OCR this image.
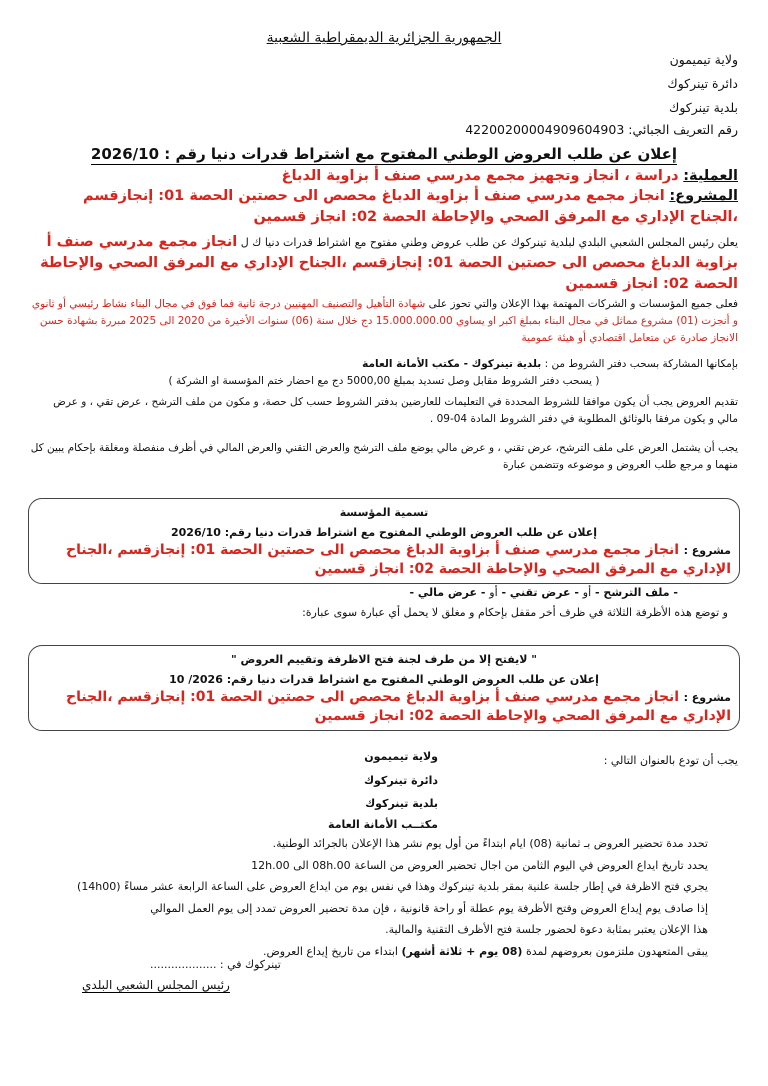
الجمهورية الجزائرية الديمقراطية الشعبية
ولاية تيميمون
دائرة تينركوك
بلدية تينركوك
رقم التعريف الجبائي: 422002000049096049​03
إعلان عن طلب العروض الوطني المفتوح مع اشتراط قدرات دنيا رقم : 2026/10
العملية: دراسة ، انجاز وتجهيز مجمع مدرسي صنف أ بزاوية الدباغ
المشروع: انجاز مجمع مدرسي صنف أ بزاوية الدباغ محصص الى حصتين الحصة 01: إنجازقسم ،الجناح الإداري مع المرفق الصحي والإحاطة الحصة 02: انجاز قسمين
يعلن رئيس المجلس الشعبي البلدي لبلدية تينركوك عن طلب عروض وطني مفتوح مع اشتراط قدرات دنيا ك ل انجاز مجمع مدرسي صنف أ بزاوية الدباغ محصص الى حصتين الحصة 01: إنجازقسم ،الجناح الإداري مع المرفق الصحي والإحاطة الحصة 02: انجاز قسمين
فعلى جميع المؤسسات و الشركات المهتمة بهذا الإعلان والتي تحوز على شهادة التأهيل والتصنيف المهنيين درجة ثانية فما فوق في مجال البناء نشاط رئيسي أو ثانوي و أنجزت (01) مشروع مماثل في مجال البناء بمبلغ اكبر او يساوي 15.000.000.00 دج خلال سنة (06) سنوات الأخيرة من 2020 الى 2025 مبررة بشهادة حسن الانجاز صادرة عن متعامل اقتصادي أو هيئة عمومية
بإمكانها المشاركة بسحب دفتر الشروط من : بلدية تينركوك - مكتب الأمانة العامة
( يسحب دفتر الشروط مقابل وصل تسديد بمبلغ 5000,00 دج مع احضار ختم المؤسسة او الشركة )
تقديم العروض يجب أن يكون موافقا للشروط المحددة في التعليمات للعارضين بدفتر الشروط حسب كل حصة، و مكون من ملف الترشح ، عرض تقي ، و عرض مالي و يكون مرفقا بالوثائق المطلوبة في دفتر الشروط المادة 04-09 .
يجب أن يشتمل العرض على ملف الترشح، عرض تقني ، و عرض مالي يوضع ملف الترشح والعرض التقني والعرض المالي في أظرف منفصلة ومغلقة بإحكام يبين كل منهما و مرجع طلب العروض و موضوعه وتتضمن عبارة
تسمية المؤسسة
إعلان عن طلب العروض الوطني المفتوح مع اشتراط قدرات دنيا رقم: 2026/10
مشروع : انجاز مجمع مدرسي صنف أ بزاوية الدباغ محصص الى حصتين الحصة 01: إنجازقسم ،الجناح الإداري مع المرفق الصحي والإحاطة الحصة 02: انجاز قسمين
- ملف الترشح - أو - عرض تقني - أو - عرض مالي -
و توضع هذه الأظرفة الثلاثة في ظرف أخر مقفل بإحكام و مغلق لا يحمل أي عبارة سوى عبارة:
" لايفتح إلا من طرف لجنة فتح الاظرفة وتقييم العروض "
إعلان عن طلب العروض الوطني المفتوح مع اشتراط قدرات دنيا رقم: 2026/ 10
مشروع : انجاز مجمع مدرسي صنف أ بزاوية الدباغ محصص الى حصتين الحصة 01: إنجازقسم ،الجناح الإداري مع المرفق الصحي والإحاطة الحصة 02: انجاز قسمين
يجب أن تودع بالعنوان التالي :
ولاية تيميمون
دائرة تينركوك
بلدية تينركوك
مكتــب الأمانة العامة
تحدد مدة تحضير العروض بـ ثمانية (08) ايام ابتداءً من أول يوم نشر هذا الإعلان بالجرائد الوطنية.
يحدد تاريخ ايداع العروض في اليوم الثامن من اجال تحضير العروض من الساعة 08h.00 الى 12h.00
يجري فتح الاظرفة في إطار جلسة علنية بمقر بلدية تينركوك وهذا في نفس يوم من ايداع العروض على الساعة الرابعة عشر مساءً (14h00)
إذا صادف يوم إيداع العروض وفتح الأظرفة يوم عطلة أو راحة قانونية ، فإن مدة تحضير العروض تمدد إلى يوم العمل الموالي
هذا الإعلان يعتبر بمثابة دعوة لحضور جلسة فتح الأظرف التقنية والمالية.
يبقى المتعهدون ملتزمون بعروضهم لمدة (08 يوم + ثلاثة أشهر) ابتداء من تاريخ إيداع العروض.
تينركوك في : ...................
رئيس المجلس الشعبي البلدي
